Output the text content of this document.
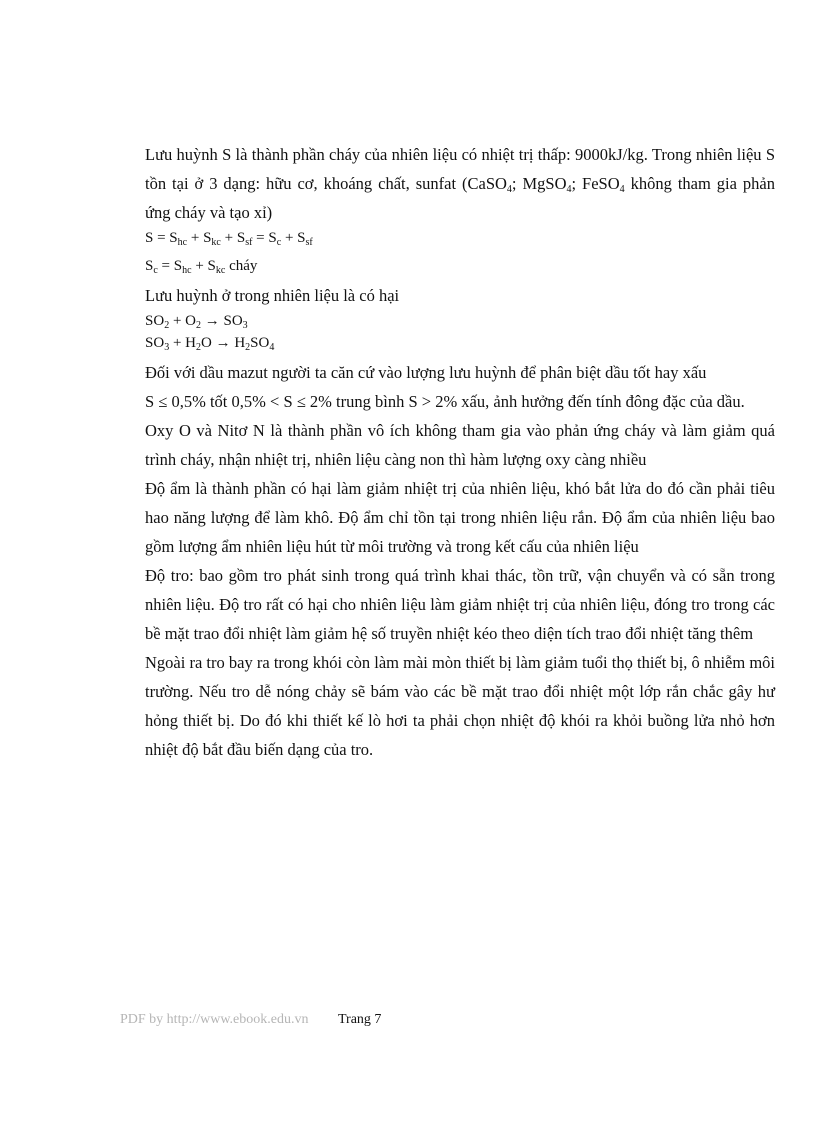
Lưu huỳnh S là thành phần cháy của nhiên liệu có nhiệt trị thấp: 9000kJ/kg. Trong nhiên liệu S tồn tại ở 3 dạng: hữu cơ, khoáng chất, sunfat (CaSO$_4$; MgSO$_4$; FeSO$_4$ không tham gia phản ứng cháy và tạo xỉ)

$S = S_{hc} + S_{kc} + S_{sf} = S_c + S_{sf}$

$S_c = S_{hc} + S_{kc}$ cháy

Lưu huỳnh ở trong nhiên liệu là có hại

$SO_2 + O_2 \to SO_3$

$SO_3 + H_2O \to H_2SO_4$

Đối với dầu mazut người ta căn cứ vào lượng lưu huỳnh để phân biệt dầu tốt hay xấu

S ≤ 0,5% tốt 0,5% < S ≤ 2% trung bình S > 2% xấu, ảnh hưởng đến tính đông đặc của dầu.

Oxy O và Nitơ N là thành phần vô ích không tham gia vào phản ứng cháy và làm giảm quá trình cháy, nhận nhiệt trị, nhiên liệu càng non thì hàm lượng oxy càng nhiều

Độ ẩm là thành phần có hại làm giảm nhiệt trị của nhiên liệu, khó bắt lửa do đó cần phải tiêu hao năng lượng để làm khô. Độ ẩm chỉ tồn tại trong nhiên liệu rắn. Độ ẩm của nhiên liệu bao gồm lượng ẩm nhiên liệu hút từ môi trường và trong kết cấu của nhiên liệu

Độ tro: bao gồm tro phát sinh trong quá trình khai thác, tồn trữ, vận chuyển và có sẵn trong nhiên liệu. Độ tro rất có hại cho nhiên liệu làm giảm nhiệt trị của nhiên liệu, đóng tro trong các bề mặt trao đổi nhiệt làm giảm hệ số truyền nhiệt kéo theo diện tích trao đổi nhiệt tăng thêm

Ngoài ra tro bay ra trong khói còn làm mài mòn thiết bị làm giảm tuổi thọ thiết bị, ô nhiễm môi trường. Nếu tro dễ nóng chảy sẽ bám vào các bề mặt trao đổi nhiệt một lớp rắn chắc gây hư hỏng thiết bị. Do đó khi thiết kế lò hơi ta phải chọn nhiệt độ khói ra khỏi buồng lửa nhỏ hơn nhiệt độ bắt đầu biến dạng của tro.

PDF by http://www.ebook.edu.vn Trang 7
